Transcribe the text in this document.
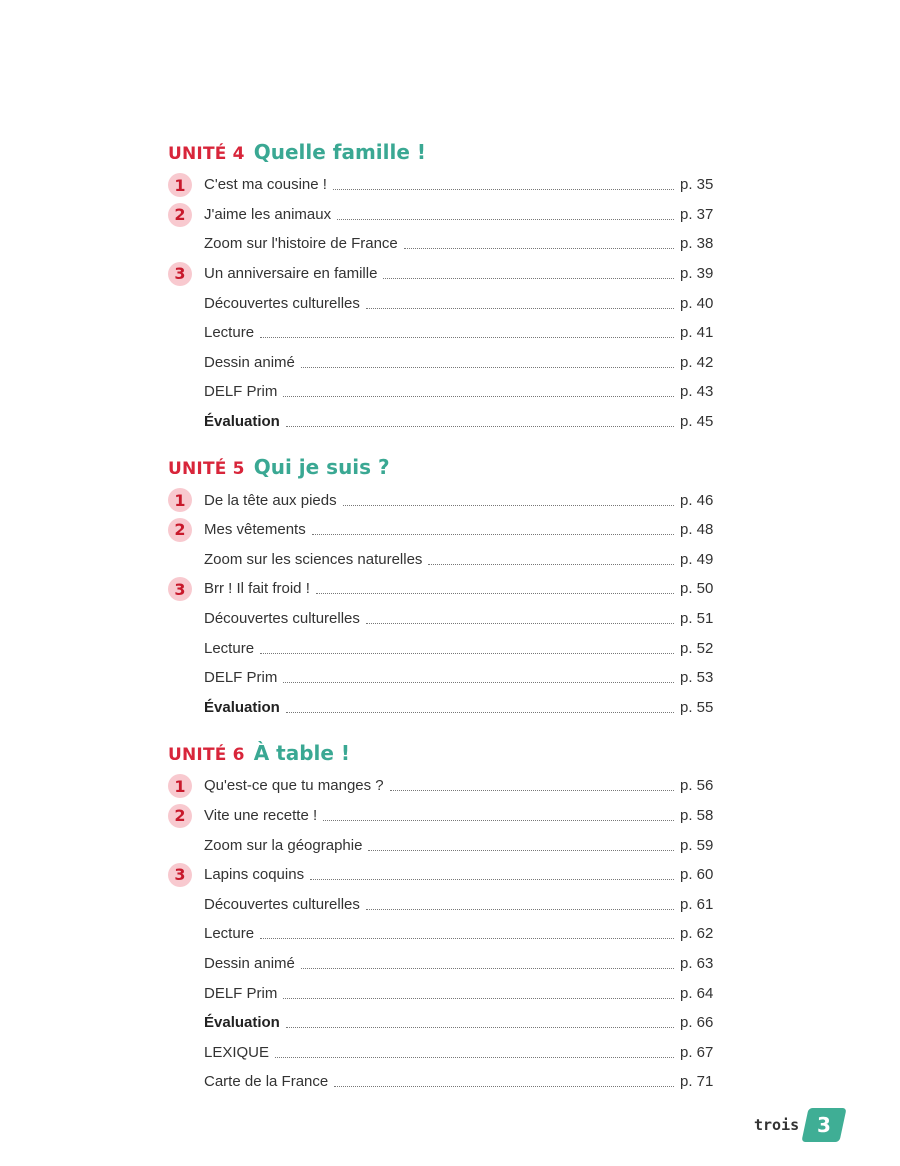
UNITÉ 4 Quelle famille !
1	C'est ma cousine !	p. 35
2	J'aime les animaux	p. 37
Zoom sur l'histoire de France	p. 38
3	Un anniversaire en famille	p. 39
Découvertes culturelles	p. 40
Lecture	p. 41
Dessin animé	p. 42
DELF Prim	p. 43
Évaluation	p. 45
UNITÉ 5 Qui je suis ?
1	De la tête aux pieds	p. 46
2	Mes vêtements	p. 48
Zoom sur les sciences naturelles	p. 49
3	Brr ! Il fait froid !	p. 50
Découvertes culturelles	p. 51
Lecture	p. 52
DELF Prim	p. 53
Évaluation	p. 55
UNITÉ 6 À table !
1	Qu'est-ce que tu manges ?	p. 56
2	Vite une recette !	p. 58
Zoom sur la géographie	p. 59
3	Lapins coquins	p. 60
Découvertes culturelles	p. 61
Lecture	p. 62
Dessin animé	p. 63
DELF Prim	p. 64
Évaluation	p. 66
LEXIQUE	p. 67
Carte de la France	p. 71
trois 3
